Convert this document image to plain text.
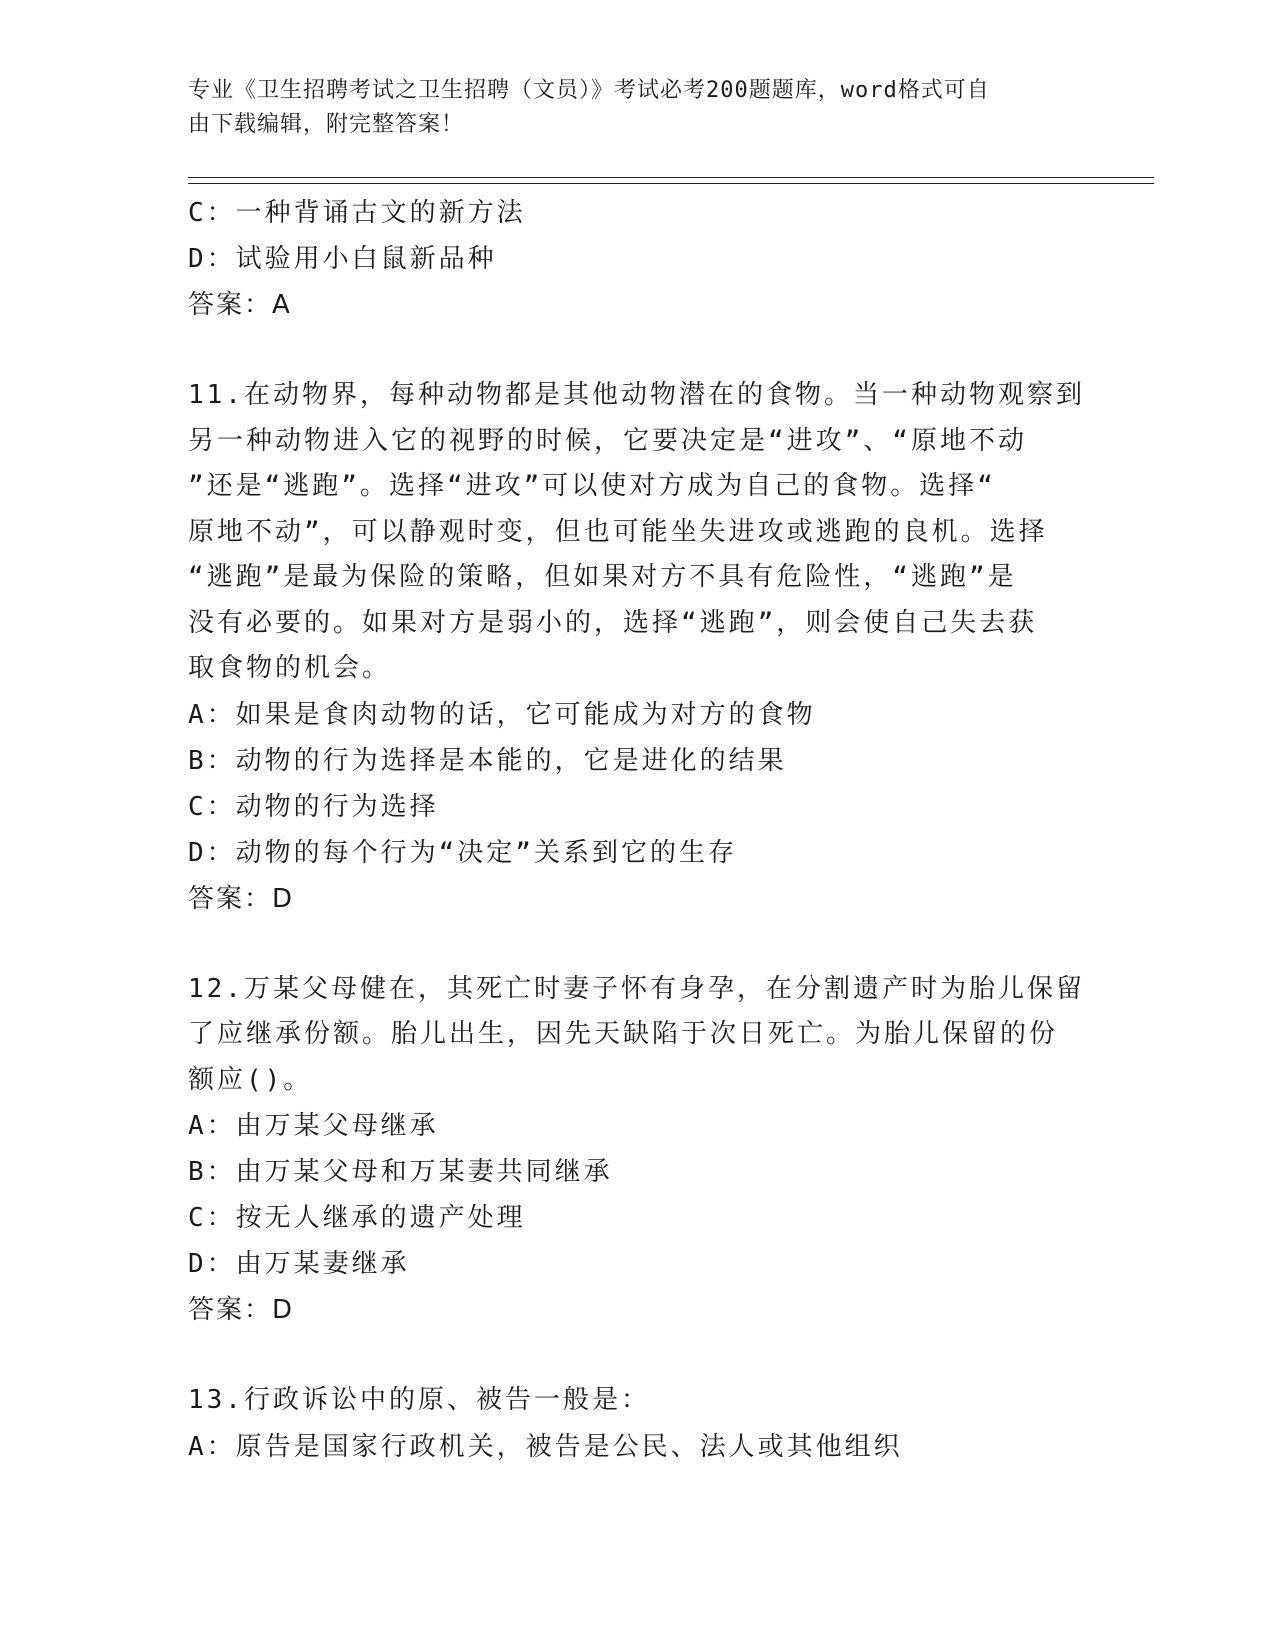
专业《卫生招聘考试之卫生招聘（文员）》考试必考200题题库，word格式可自
由下载编辑，附完整答案！

C：一种背诵古文的新方法

D：试验用小白鼠新品种

答案：A

11.在动物界，每种动物都是其他动物潜在的食物。当一种动物观察到

另一种动物进入它的视野的时候，它要决定是“进攻”、“原地不动

”还是“逃跑”。选择“进攻”可以使对方成为自己的食物。选择“

原地不动”，可以静观时变，但也可能坐失进攻或逃跑的良机。选择

“逃跑”是最为保险的策略，但如果对方不具有危险性，“逃跑”是

没有必要的。如果对方是弱小的，选择“逃跑”，则会使自己失去获

取食物的机会。

A：如果是食肉动物的话，它可能成为对方的食物

B：动物的行为选择是本能的，它是进化的结果

C：动物的行为选择

D：动物的每个行为“决定”关系到它的生存

答案：D

12.万某父母健在，其死亡时妻子怀有身孕，在分割遗产时为胎儿保留

了应继承份额。胎儿出生，因先天缺陷于次日死亡。为胎儿保留的份

额应()。

A：由万某父母继承

B：由万某父母和万某妻共同继承

C：按无人继承的遗产处理

D：由万某妻继承

答案：D

13.行政诉讼中的原、被告一般是：

A：原告是国家行政机关，被告是公民、法人或其他组织
